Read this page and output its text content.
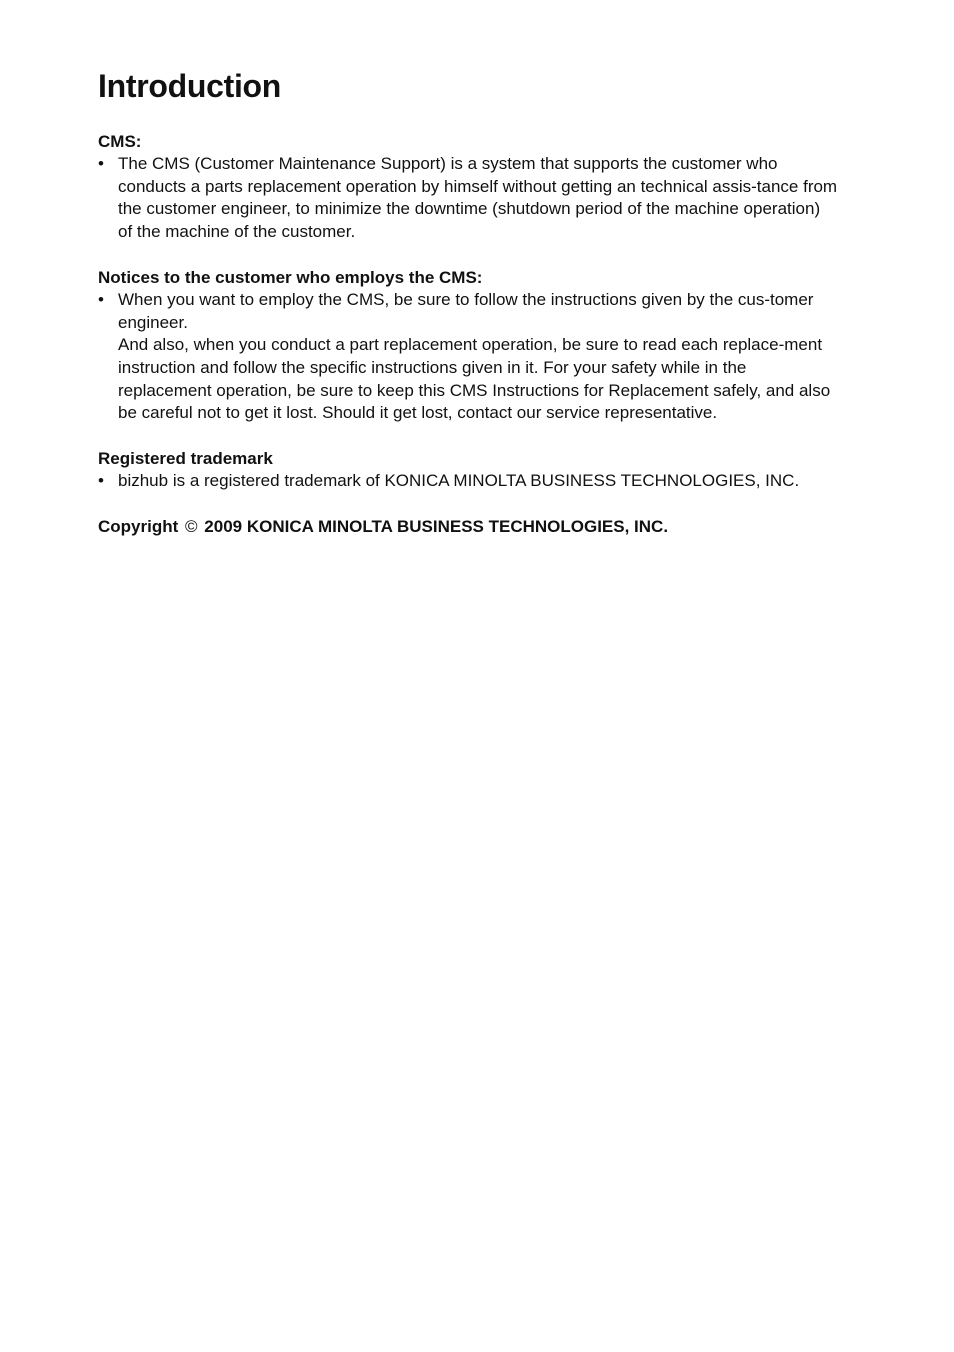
Introduction
CMS:
• The CMS (Customer Maintenance Support) is a system that supports the customer who conducts a parts replacement operation by himself without getting an technical assis-tance from the customer engineer, to minimize the downtime (shutdown period of the machine operation) of the machine of the customer.
Notices to the customer who employs the CMS:
• When you want to employ the CMS, be sure to follow the instructions given by the cus-tomer engineer.
And also, when you conduct a part replacement operation, be sure to read each replace-ment instruction and follow the specific instructions given in it. For your safety while in the replacement operation, be sure to keep this CMS Instructions for Replacement safely, and also be careful not to get it lost. Should it get lost, contact our service representative.
Registered trademark
• bizhub is a registered trademark of KONICA MINOLTA BUSINESS TECHNOLOGIES, INC.
Copyright © 2009 KONICA MINOLTA BUSINESS TECHNOLOGIES, INC.
